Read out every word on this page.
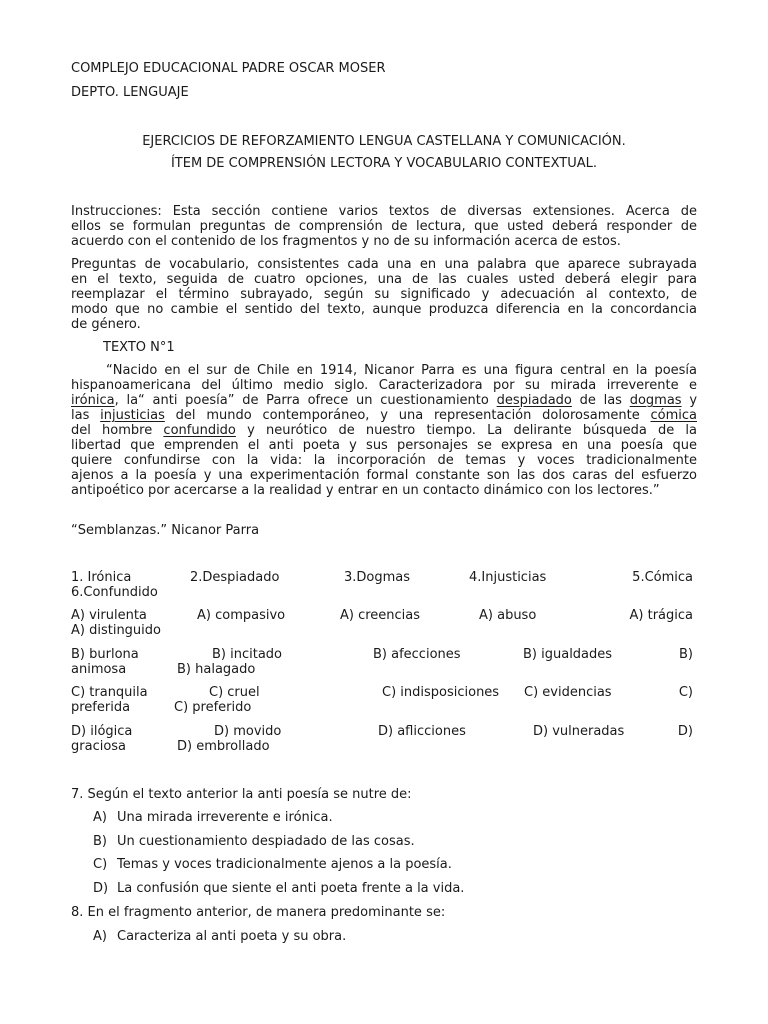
COMPLEJO EDUCACIONAL PADRE OSCAR MOSER
DEPTO. LENGUAJE
EJERCICIOS DE REFORZAMIENTO LENGUA CASTELLANA Y COMUNICACIÓN.
ÍTEM DE COMPRENSIÓN LECTORA Y VOCABULARIO CONTEXTUAL.
Instrucciones: Esta sección contiene varios textos de diversas extensiones. Acerca de
ellos se formulan preguntas de comprensión de lectura, que usted deberá responder de
acuerdo con el contenido de los fragmentos y no de su información acerca de estos.
Preguntas de vocabulario, consistentes cada una en una palabra que aparece subrayada
en el texto, seguida de cuatro opciones, una de las cuales usted deberá elegir para
reemplazar el término subrayado, según su significado y adecuación al contexto, de
modo que no cambie el sentido del texto, aunque produzca diferencia en la concordancia
de género.
TEXTO N°1
“Nacido en el sur de Chile en 1914, Nicanor Parra es una figura central en la poesía
hispanoamericana del último medio siglo. Caracterizadora por su mirada irreverente e
irónica, la“ anti poesía” de Parra ofrece un cuestionamiento despiadado de las dogmas y
las injusticias del mundo contemporáneo, y una representación dolorosamente cómica
del hombre confundido y neurótico de nuestro tiempo. La delirante búsqueda de la
libertad que emprenden el anti poeta y sus personajes se expresa en una poesía que
quiere confundirse con la vida: la incorporación de temas y voces tradicionalmente
ajenos a la poesía y una experimentación formal constante son las dos caras del esfuerzo
antipoético por acercarse a la realidad y entrar en un contacto dinámico con los lectores.”
“Semblanzas.” Nicanor Parra
1. Irónica	2.Despiadado	3.Dogmas	4.Injusticias	5.Cómica
6.Confundido
A) virulenta	A) compasivo	A) creencias	A) abuso	A) trágica
A) distinguido
B) burlona	B) incitado	B) afecciones	B) igualdades	B)
animosa	B) halagado
C) tranquila	C) cruel	C) indisposiciones C) evidencias	C)
preferida	C) preferido
D) ilógica	D) movido	D) aflicciones	D) vulneradas	D)
graciosa	D) embrollado
7. Según el texto anterior la anti poesía se nutre de:
A) Una mirada irreverente e irónica.
B) Un cuestionamiento despiadado de las cosas.
C) Temas y voces tradicionalmente ajenos a la poesía.
D) La confusión que siente el anti poeta frente a la vida.
8. En el fragmento anterior, de manera predominante se:
A) Caracteriza al anti poeta y su obra.
